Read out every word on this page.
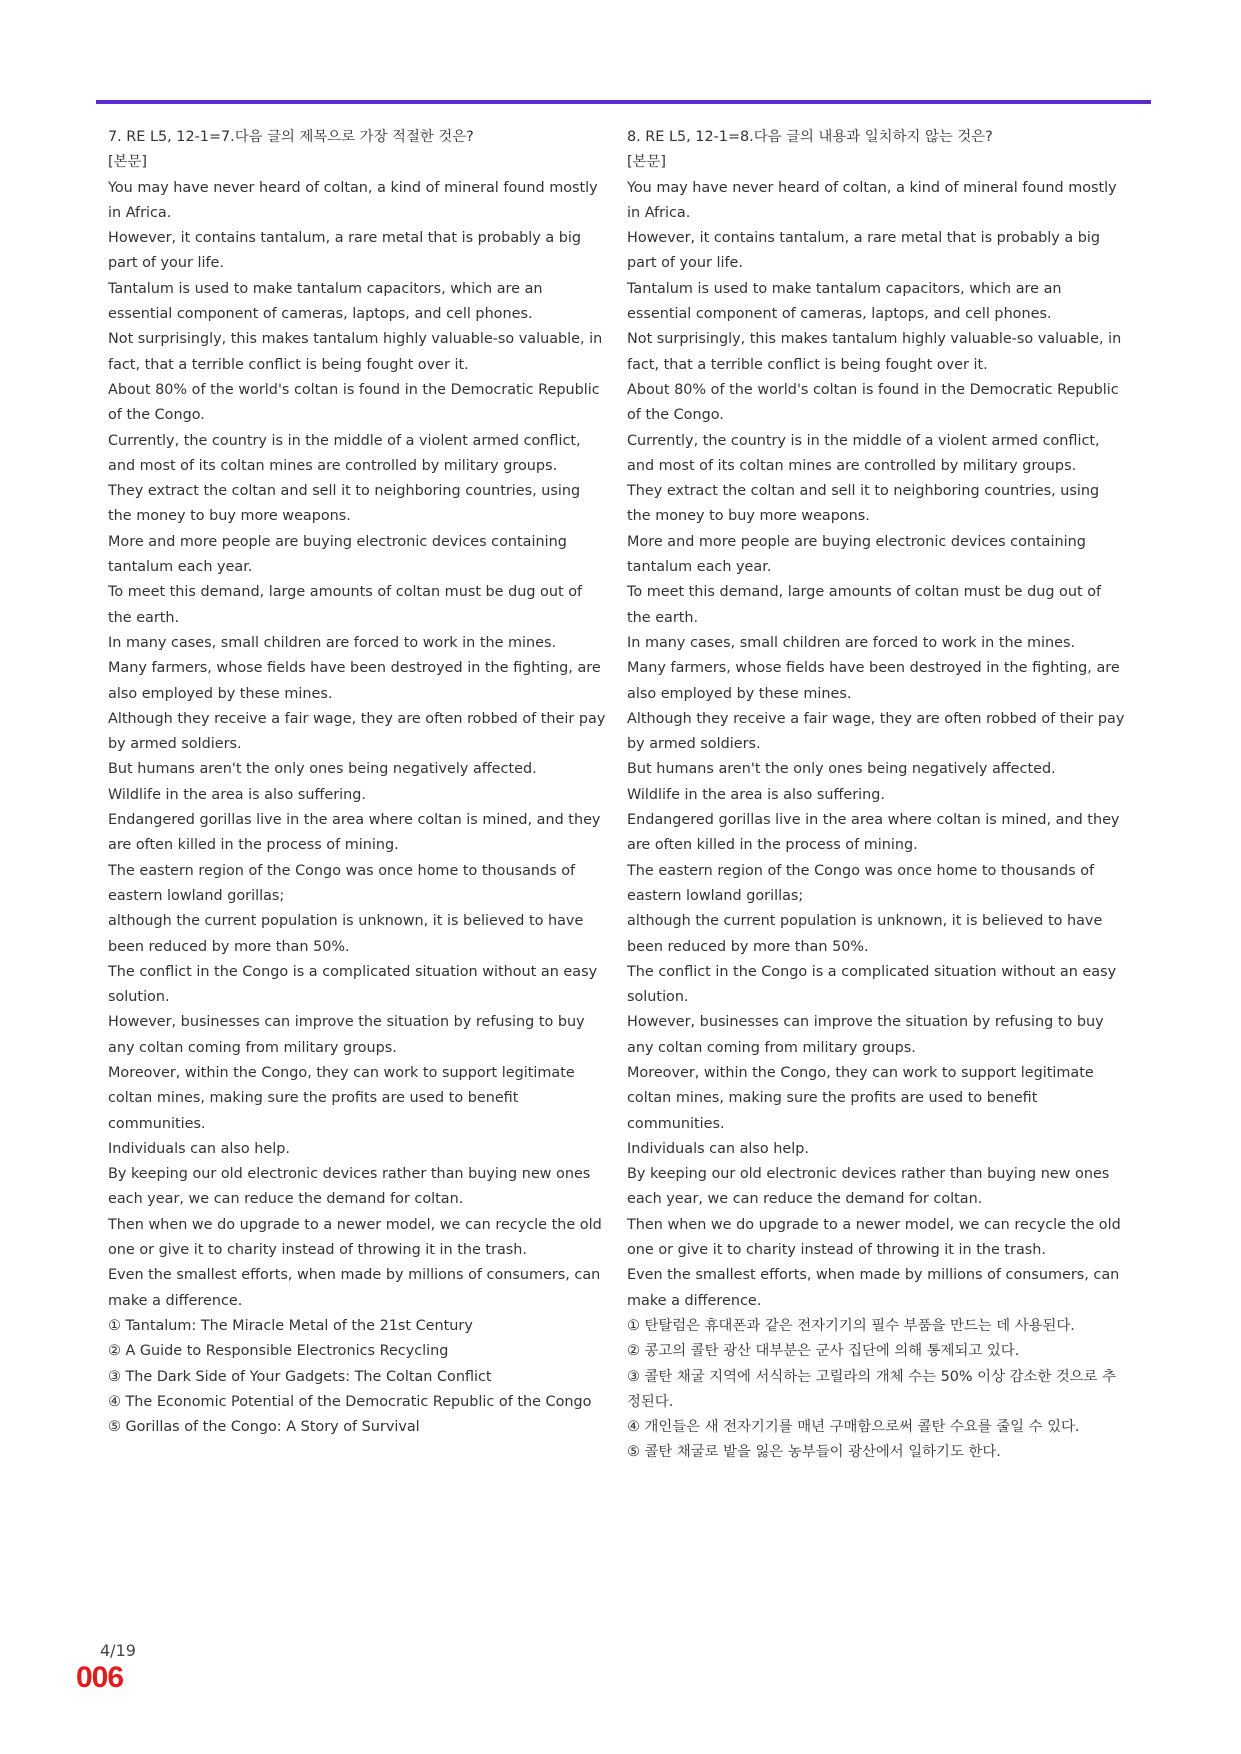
7. RE L5, 12-1=7.다음 글의 제목으로 가장 적절한 것은?

[본문]

You may have never heard of coltan, a kind of mineral found mostly in Africa.

However, it contains tantalum, a rare metal that is probably a big part of your life.

Tantalum is used to make tantalum capacitors, which are an essential component of cameras, laptops, and cell phones.

Not surprisingly, this makes tantalum highly valuable-so valuable, in fact, that a terrible conflict is being fought over it.

About 80% of the world's coltan is found in the Democratic Republic of the Congo.

Currently, the country is in the middle of a violent armed conflict, and most of its coltan mines are controlled by military groups.

They extract the coltan and sell it to neighboring countries, using the money to buy more weapons.

More and more people are buying electronic devices containing tantalum each year.

To meet this demand, large amounts of coltan must be dug out of the earth.

In many cases, small children are forced to work in the mines.

Many farmers, whose fields have been destroyed in the fighting, are also employed by these mines.

Although they receive a fair wage, they are often robbed of their pay by armed soldiers.

But humans aren't the only ones being negatively affected.

Wildlife in the area is also suffering.

Endangered gorillas live in the area where coltan is mined, and they are often killed in the process of mining.

The eastern region of the Congo was once home to thousands of eastern lowland gorillas;

although the current population is unknown, it is believed to have been reduced by more than 50%.

The conflict in the Congo is a complicated situation without an easy solution.

However, businesses can improve the situation by refusing to buy any coltan coming from military groups.

Moreover, within the Congo, they can work to support legitimate coltan mines, making sure the profits are used to benefit communities.

Individuals can also help.

By keeping our old electronic devices rather than buying new ones each year, we can reduce the demand for coltan.

Then when we do upgrade to a newer model, we can recycle the old one or give it to charity instead of throwing it in the trash.

Even the smallest efforts, when made by millions of consumers, can make a difference.

① Tantalum: The Miracle Metal of the 21st Century

② A Guide to Responsible Electronics Recycling

③ The Dark Side of Your Gadgets: The Coltan Conflict

④ The Economic Potential of the Democratic Republic of the Congo

⑤ Gorillas of the Congo: A Story of Survival

8. RE L5, 12-1=8.다음 글의 내용과 일치하지 않는 것은?

[본문]

You may have never heard of coltan, a kind of mineral found mostly in Africa.

However, it contains tantalum, a rare metal that is probably a big part of your life.

Tantalum is used to make tantalum capacitors, which are an essential component of cameras, laptops, and cell phones.

Not surprisingly, this makes tantalum highly valuable-so valuable, in fact, that a terrible conflict is being fought over it.

About 80% of the world's coltan is found in the Democratic Republic of the Congo.

Currently, the country is in the middle of a violent armed conflict, and most of its coltan mines are controlled by military groups.

They extract the coltan and sell it to neighboring countries, using the money to buy more weapons.

More and more people are buying electronic devices containing tantalum each year.

To meet this demand, large amounts of coltan must be dug out of the earth.

In many cases, small children are forced to work in the mines.

Many farmers, whose fields have been destroyed in the fighting, are also employed by these mines.

Although they receive a fair wage, they are often robbed of their pay by armed soldiers.

But humans aren't the only ones being negatively affected.

Wildlife in the area is also suffering.

Endangered gorillas live in the area where coltan is mined, and they are often killed in the process of mining.

The eastern region of the Congo was once home to thousands of eastern lowland gorillas;

although the current population is unknown, it is believed to have been reduced by more than 50%.

The conflict in the Congo is a complicated situation without an easy solution.

However, businesses can improve the situation by refusing to buy any coltan coming from military groups.

Moreover, within the Congo, they can work to support legitimate coltan mines, making sure the profits are used to benefit communities.

Individuals can also help.

By keeping our old electronic devices rather than buying new ones each year, we can reduce the demand for coltan.

Then when we do upgrade to a newer model, we can recycle the old one or give it to charity instead of throwing it in the trash.

Even the smallest efforts, when made by millions of consumers, can make a difference.

① 탄탈럼은 휴대폰과 같은 전자기기의 필수 부품을 만드는 데 사용된다.

② 콩고의 콜탄 광산 대부분은 군사 집단에 의해 통제되고 있다.

③ 콜탄 채굴 지역에 서식하는 고릴라의 개체 수는 50% 이상 감소한 것으로 추정된다.

④ 개인들은 새 전자기기를 매년 구매함으로써 콜탄 수요를 줄일 수 있다.

⑤ 콜탄 채굴로 밭을 잃은 농부들이 광산에서 일하기도 한다.

4/19
006
